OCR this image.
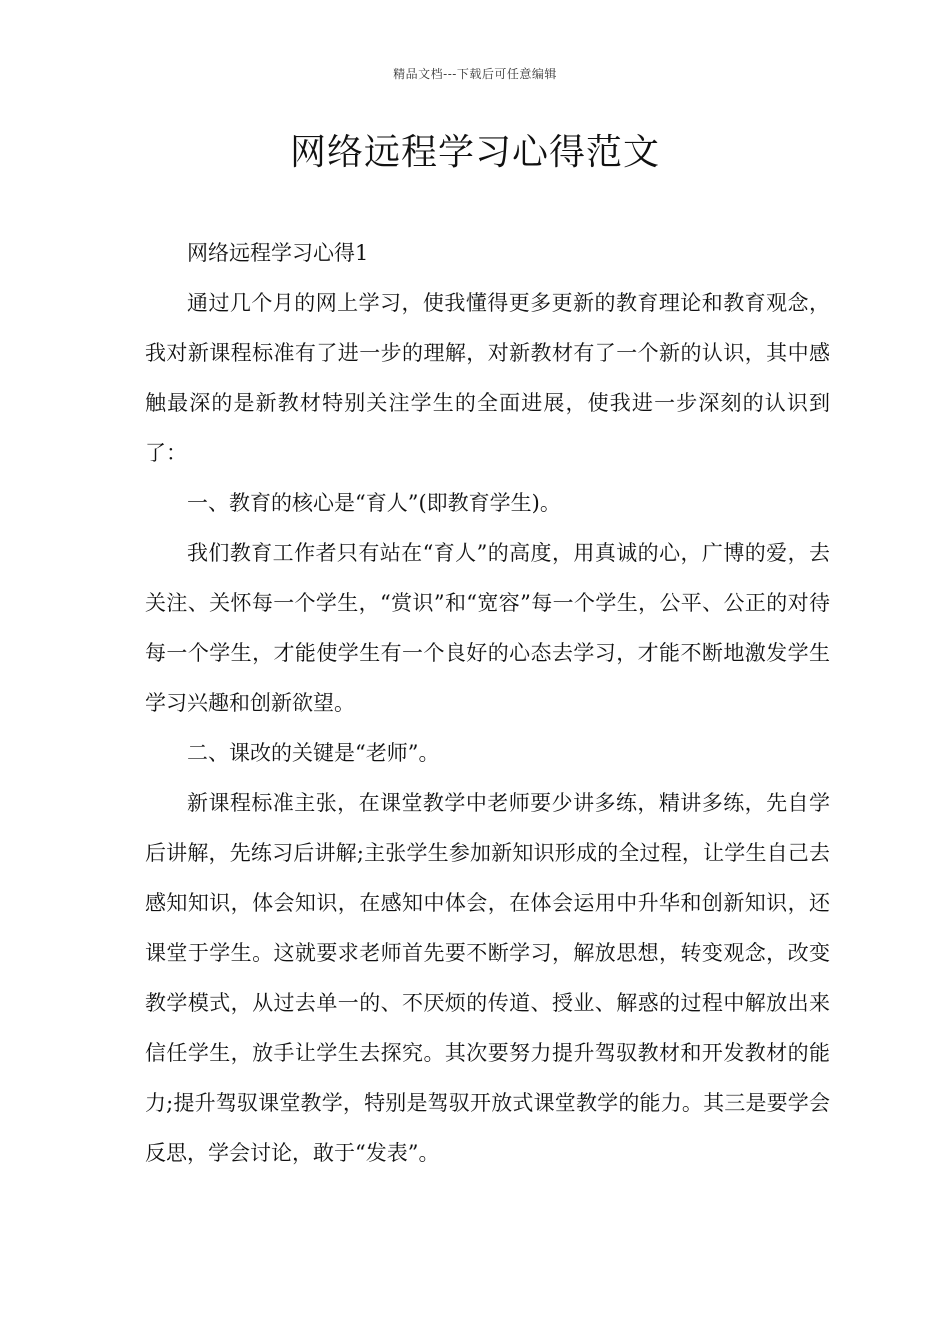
精品文档---下载后可任意编辑
网络远程学习心得范文

网络远程学习心得1

通过几个月的网上学习，使我懂得更多更新的教育理论和教育观念，我对新课程标准有了进一步的理解，对新教材有了一个新的认识，其中感触最深的是新教材特别关注学生的全面进展，使我进一步深刻的认识到了：

一、教育的核心是“育人”(即教育学生)。

我们教育工作者只有站在“育人”的高度，用真诚的心，广博的爱，去关注、关怀每一个学生，“赏识”和“宽容”每一个学生，公平、公正的对待每一个学生，才能使学生有一个良好的心态去学习，才能不断地激发学生学习兴趣和创新欲望。

二、课改的关键是“老师”。

新课程标准主张，在课堂教学中老师要少讲多练，精讲多练，先自学后讲解，先练习后讲解;主张学生参加新知识形成的全过程，让学生自己去感知知识，体会知识，在感知中体会，在体会运用中升华和创新知识，还课堂于学生。这就要求老师首先要不断学习，解放思想，转变观念，改变教学模式，从过去单一的、不厌烦的传道、授业、解惑的过程中解放出来信任学生，放手让学生去探究。其次要努力提升驾驭教材和开发教材的能力;提升驾驭课堂教学，特别是驾驭开放式课堂教学的能力。其三是要学会反思，学会讨论，敢于“发表”。
